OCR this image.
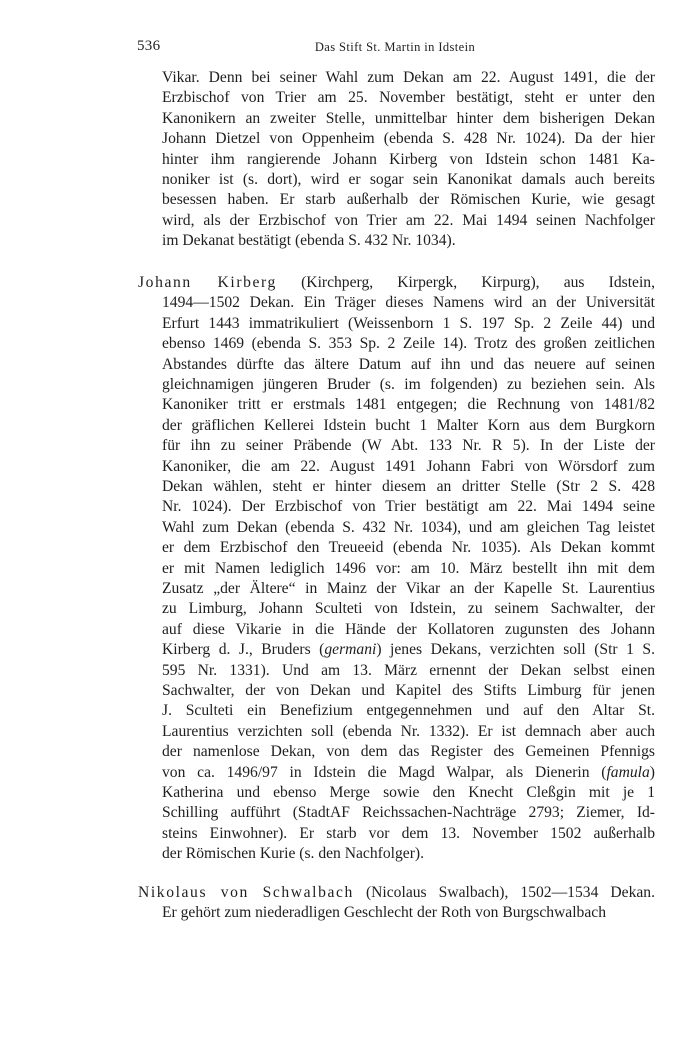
536	Das Stift St. Martin in Idstein
Vikar. Denn bei seiner Wahl zum Dekan am 22. August 1491, die der
Erzbischof von Trier am 25. November bestätigt, steht er unter den
Kanonikern an zweiter Stelle, unmittelbar hinter dem bisherigen Dekan
Johann Dietzel von Oppenheim (ebenda S. 428 Nr. 1024). Da der hier
hinter ihm rangierende Johann Kirberg von Idstein schon 1481 Ka-
noniker ist (s. dort), wird er sogar sein Kanonikat damals auch bereits
besessen haben. Er starb außerhalb der Römischen Kurie, wie gesagt
wird, als der Erzbischof von Trier am 22. Mai 1494 seinen Nachfolger
im Dekanat bestätigt (ebenda S. 432 Nr. 1034).
Johann Kirberg (Kirchperg, Kirpergk, Kirpurg), aus Idstein,
1494—1502 Dekan. Ein Träger dieses Namens wird an der Universität
Erfurt 1443 immatrikuliert (Weissenborn 1 S. 197 Sp. 2 Zeile 44) und
ebenso 1469 (ebenda S. 353 Sp. 2 Zeile 14). Trotz des großen zeitlichen
Abstandes dürfte das ältere Datum auf ihn und das neuere auf seinen
gleichnamigen jüngeren Bruder (s. im folgenden) zu beziehen sein. Als
Kanoniker tritt er erstmals 1481 entgegen; die Rechnung von 1481/82
der gräflichen Kellerei Idstein bucht 1 Malter Korn aus dem Burgkorn
für ihn zu seiner Präbende (W Abt. 133 Nr. R 5). In der Liste der
Kanoniker, die am 22. August 1491 Johann Fabri von Wörsdorf zum
Dekan wählen, steht er hinter diesem an dritter Stelle (Str 2 S. 428
Nr. 1024). Der Erzbischof von Trier bestätigt am 22. Mai 1494 seine
Wahl zum Dekan (ebenda S. 432 Nr. 1034), und am gleichen Tag leistet
er dem Erzbischof den Treueeid (ebenda Nr. 1035). Als Dekan kommt
er mit Namen lediglich 1496 vor: am 10. März bestellt ihn mit dem
Zusatz „der Ältere“ in Mainz der Vikar an der Kapelle St. Laurentius
zu Limburg, Johann Sculteti von Idstein, zu seinem Sachwalter, der
auf diese Vikarie in die Hände der Kollatoren zugunsten des Johann
Kirberg d. J., Bruders (germani) jenes Dekans, verzichten soll (Str 1 S.
595 Nr. 1331). Und am 13. März ernennt der Dekan selbst einen
Sachwalter, der von Dekan und Kapitel des Stifts Limburg für jenen
J. Sculteti ein Benefizium entgegennehmen und auf den Altar St.
Laurentius verzichten soll (ebenda Nr. 1332). Er ist demnach aber auch
der namenlose Dekan, von dem das Register des Gemeinen Pfennigs
von ca. 1496/97 in Idstein die Magd Walpar, als Dienerin (famula)
Katherina und ebenso Merge sowie den Knecht Cleßgin mit je 1
Schilling aufführt (StadtAF Reichssachen-Nachträge 2793; Ziemer, Id-
steins Einwohner). Er starb vor dem 13. November 1502 außerhalb
der Römischen Kurie (s. den Nachfolger).
Nikolaus von Schwalbach (Nicolaus Swalbach), 1502—1534 Dekan.
Er gehört zum niederadligen Geschlecht der Roth von Burgschwalbach
